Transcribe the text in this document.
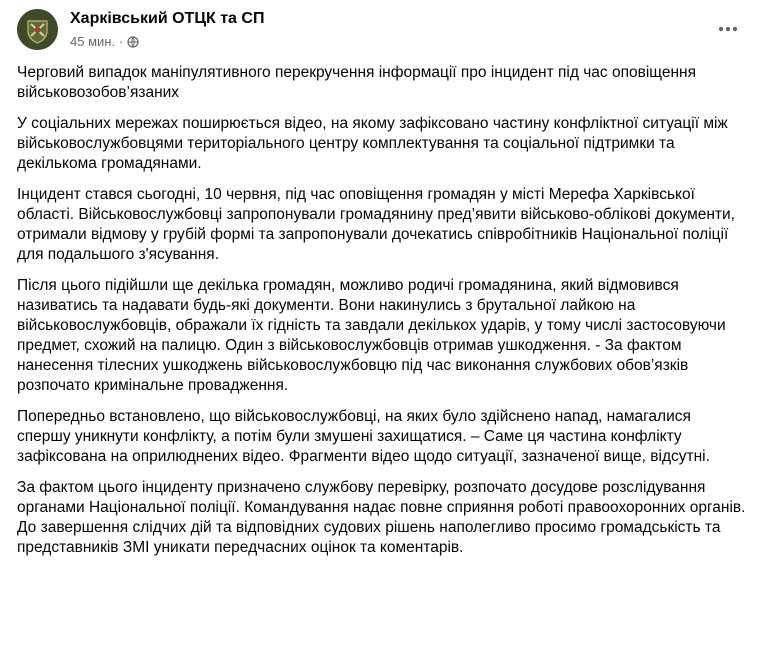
Харківський ОТЦК та СП
45 мин. ·

Черговий випадок маніпулятивного перекручення інформації про інцидент під час оповіщення військовозобов’язаних

У соціальних мережах поширюється відео, на якому зафіксовано частину конфліктної ситуації між військовослужбовцями територіального центру комплектування та соціальної підтримки та декількома громадянами.

Інцидент стався сьогодні, 10 червня, під час оповіщення громадян у місті Мерефа Харківської області. Військовослужбовці запропонували громадянину пред’явити військово-облікові документи, отримали відмову у грубій формі та запропонували дочекатись співробітників Національної поліції для подальшого з'ясування.

Після цього підійшли ще декілька громадян, можливо родичі громадянина, який відмовився називатись та надавати будь-які документи. Вони накинулись з брутальної лайкою на військовослужбовців, ображали їх гідність та завдали декількох ударів, у тому числі застосовуючи предмет, схожий на палицю. Один з військовослужбовців отримав ушкодження. - За фактом нанесення тілесних ушкоджень військовослужбовцю під час виконання службових обов’язків розпочато кримінальне провадження.

Попередньо встановлено, що військовослужбовці, на яких було здійснено напад, намагалися спершу уникнути конфлікту, а потім були змушені захищатися. – Саме ця частина конфлікту зафіксована на оприлюднених відео. Фрагменти відео щодо ситуації, зазначеної вище, відсутні.

За фактом цього інциденту призначено службову перевірку, розпочато досудове розслідування органами Національної поліції. Командування надає повне сприяння роботі правоохоронних органів. До завершення слідчих дій та відповідних судових рішень наполегливо просимо громадськість та представників ЗМІ уникати передчасних оцінок та коментарів.
